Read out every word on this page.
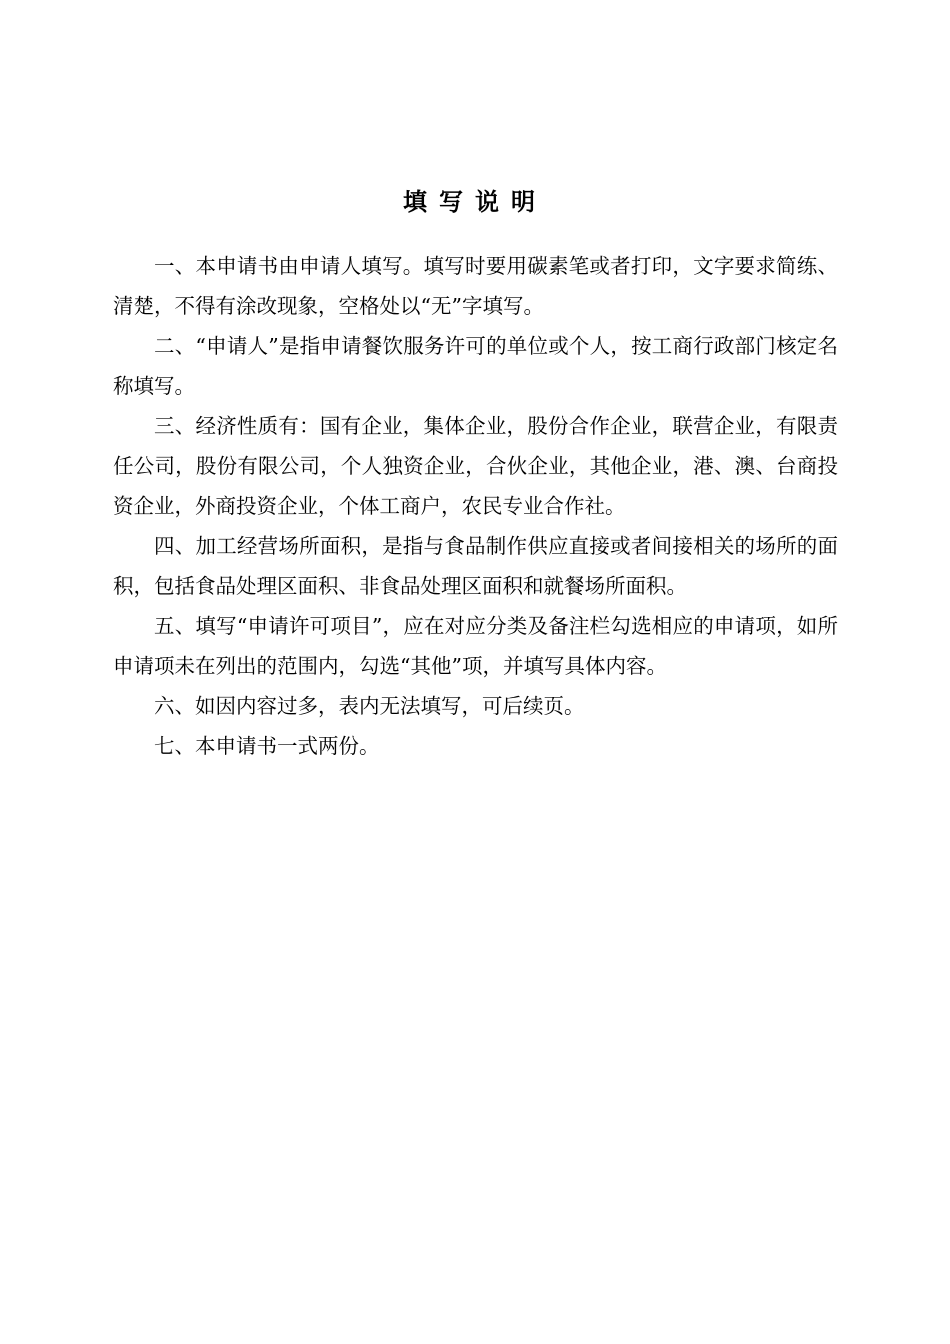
填写说明

一、本申请书由申请人填写。填写时要用碳素笔或者打印，文字要求简练、清楚，不得有涂改现象，空格处以“无”字填写。

二、“申请人”是指申请餐饮服务许可的单位或个人，按工商行政部门核定名称填写。

三、经济性质有：国有企业，集体企业，股份合作企业，联营企业，有限责任公司，股份有限公司，个人独资企业，合伙企业，其他企业，港、澳、台商投资企业，外商投资企业，个体工商户，农民专业合作社。

四、加工经营场所面积，是指与食品制作供应直接或者间接相关的场所的面积，包括食品处理区面积、非食品处理区面积和就餐场所面积。

五、填写“申请许可项目”，应在对应分类及备注栏勾选相应的申请项，如所申请项未在列出的范围内，勾选“其他”项，并填写具体内容。

六、如因内容过多，表内无法填写，可后续页。

七、本申请书一式两份。
